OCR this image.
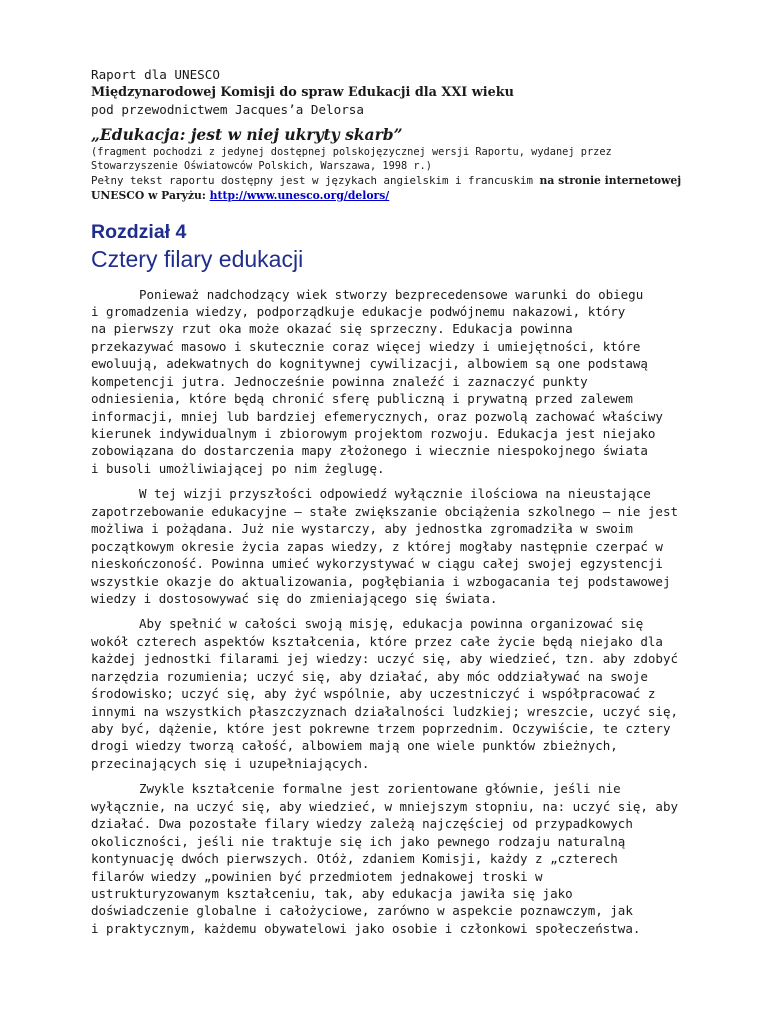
Raport dla UNESCO
Międzynarodowej Komisji do spraw Edukacji dla XXI wieku
pod przewodnictwem Jacques’a Delorsa
„Edukacja: jest w niej ukryty skarb”
(fragment pochodzi z jedynej dostępnej polskojęzycznej wersji Raportu, wydanej przez
Stowarzyszenie Oświatowców Polskich, Warszawa, 1998 r.)
Pełny tekst raportu dostępny jest w językach angielskim i francuskim na stronie internetowej
UNESCO w Paryżu: http://www.unesco.org/delors/
Rozdział 4
Cztery filary edukacji
Ponieważ nadchodzący wiek stworzy bezprecedensowe warunki do obiegu
i gromadzenia wiedzy, podporządkuje edukacje podwójnemu nakazowi, który
na pierwszy rzut oka może okazać się sprzeczny. Edukacja powinna
przekazywać masowo i skutecznie coraz więcej wiedzy i umiejętności, które
ewoluują, adekwatnych do kognitywnej cywilizacji, albowiem są one podstawą
kompetencji jutra. Jednocześnie powinna znaleźć i zaznaczyć punkty
odniesienia, które będą chronić sferę publiczną i prywatną przed zalewem
informacji, mniej lub bardziej efemerycznych, oraz pozwolą zachować właściwy
kierunek indywidualnym i zbiorowym projektom rozwoju. Edukacja jest niejako
zobowiązana do dostarczenia mapy złożonego i wiecznie niespokojnego świata
i busoli umożliwiającej po nim żeglugę.
W tej wizji przyszłości odpowiedź wyłącznie ilościowa na nieustające
zapotrzebowanie edukacyjne – stałe zwiększanie obciążenia szkolnego – nie jest
możliwa i pożądana. Już nie wystarczy, aby jednostka zgromadziła w swoim
początkowym okresie życia zapas wiedzy, z której mogłaby następnie czerpać w
nieskończoność. Powinna umieć wykorzystywać w ciągu całej swojej egzystencji
wszystkie okazje do aktualizowania, pogłębiania i wzbogacania tej podstawowej
wiedzy i dostosowywać się do zmieniającego się świata.
Aby spełnić w całości swoją misję, edukacja powinna organizować się
wokół czterech aspektów kształcenia, które przez całe życie będą niejako dla
każdej jednostki filarami jej wiedzy: uczyć się, aby wiedzieć, tzn. aby zdobyć
narzędzia rozumienia; uczyć się, aby działać, aby móc oddziaływać na swoje
środowisko; uczyć się, aby żyć wspólnie, aby uczestniczyć i współpracować z
innymi na wszystkich płaszczyznach działalności ludzkiej; wreszcie, uczyć się,
aby być, dążenie, które jest pokrewne trzem poprzednim. Oczywiście, te cztery
drogi wiedzy tworzą całość, albowiem mają one wiele punktów zbieżnych,
przecinających się i uzupełniających.
Zwykle kształcenie formalne jest zorientowane głównie, jeśli nie
wyłącznie, na uczyć się, aby wiedzieć, w mniejszym stopniu, na: uczyć się, aby
działać. Dwa pozostałe filary wiedzy zależą najczęściej od przypadkowych
okoliczności, jeśli nie traktuje się ich jako pewnego rodzaju naturalną
kontynuację dwóch pierwszych. Otóż, zdaniem Komisji, każdy z „czterech
filarów wiedzy „powinien być przedmiotem jednakowej troski w
ustrukturyzowanym kształceniu, tak, aby edukacja jawiła się jako
doświadczenie globalne i całożyciowe, zarówno w aspekcie poznawczym, jak
i praktycznym, każdemu obywatelowi jako osobie i członkowi społeczeństwa.
